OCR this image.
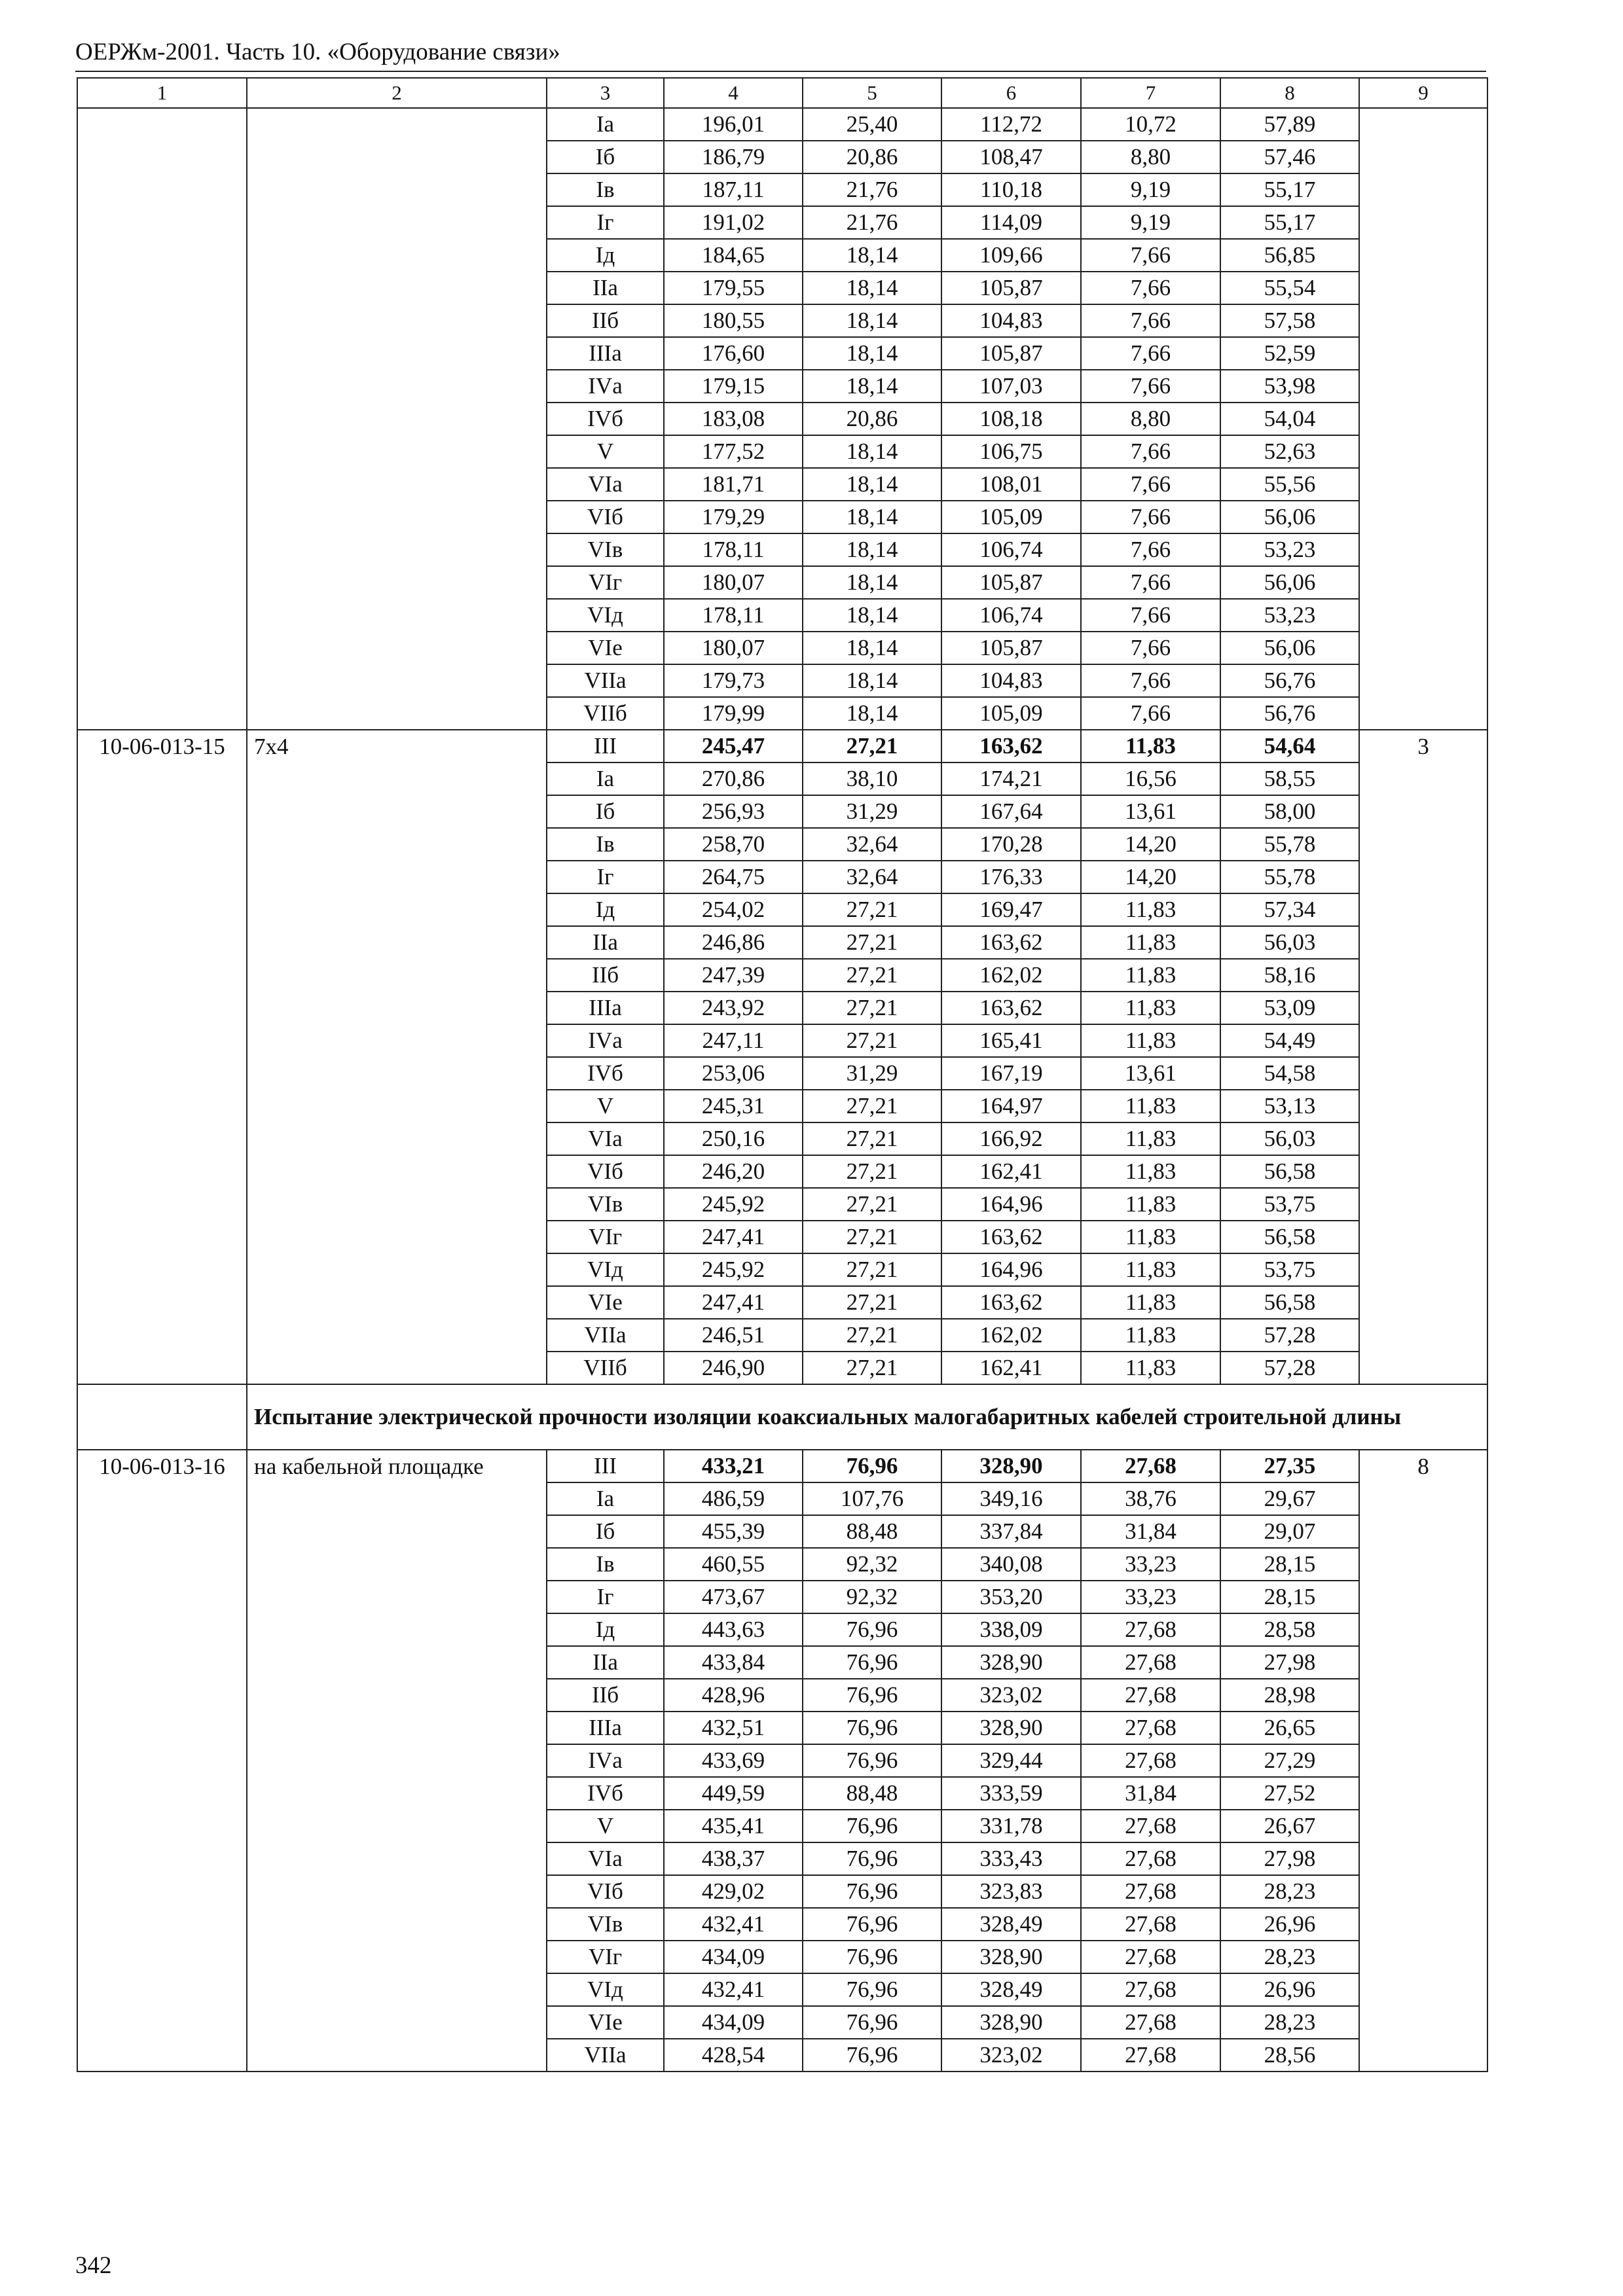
ОЕРЖм-2001. Часть 10. «Оборудование связи»
1	2	3	4	5	6	7	8	9
		Iа	196,01	25,40	112,72	10,72	57,89	
		Iб	186,79	20,86	108,47	8,80	57,46	
		Iв	187,11	21,76	110,18	9,19	55,17	
		Iг	191,02	21,76	114,09	9,19	55,17	
		Iд	184,65	18,14	109,66	7,66	56,85	
		IIа	179,55	18,14	105,87	7,66	55,54	
		IIб	180,55	18,14	104,83	7,66	57,58	
		IIIа	176,60	18,14	105,87	7,66	52,59	
		IVа	179,15	18,14	107,03	7,66	53,98	
		IVб	183,08	20,86	108,18	8,80	54,04	
		V	177,52	18,14	106,75	7,66	52,63	
		VIа	181,71	18,14	108,01	7,66	55,56	
		VIб	179,29	18,14	105,09	7,66	56,06	
		VIв	178,11	18,14	106,74	7,66	53,23	
		VIг	180,07	18,14	105,87	7,66	56,06	
		VIд	178,11	18,14	106,74	7,66	53,23	
		VIе	180,07	18,14	105,87	7,66	56,06	
		VIIа	179,73	18,14	104,83	7,66	56,76	
		VIIб	179,99	18,14	105,09	7,66	56,76	
10-06-013-15	7х4	III	245,47	27,21	163,62	11,83	54,64	3
		Iа	270,86	38,10	174,21	16,56	58,55	
		Iб	256,93	31,29	167,64	13,61	58,00	
		Iв	258,70	32,64	170,28	14,20	55,78	
		Iг	264,75	32,64	176,33	14,20	55,78	
		Iд	254,02	27,21	169,47	11,83	57,34	
		IIа	246,86	27,21	163,62	11,83	56,03	
		IIб	247,39	27,21	162,02	11,83	58,16	
		IIIа	243,92	27,21	163,62	11,83	53,09	
		IVа	247,11	27,21	165,41	11,83	54,49	
		IVб	253,06	31,29	167,19	13,61	54,58	
		V	245,31	27,21	164,97	11,83	53,13	
		VIа	250,16	27,21	166,92	11,83	56,03	
		VIб	246,20	27,21	162,41	11,83	56,58	
		VIв	245,92	27,21	164,96	11,83	53,75	
		VIг	247,41	27,21	163,62	11,83	56,58	
		VIд	245,92	27,21	164,96	11,83	53,75	
		VIе	247,41	27,21	163,62	11,83	56,58	
		VIIа	246,51	27,21	162,02	11,83	57,28	
		VIIб	246,90	27,21	162,41	11,83	57,28	
	Испытание электрической прочности изоляции коаксиальных малогабаритных кабелей строительной длины							
10-06-013-16	на кабельной площадке	III	433,21	76,96	328,90	27,68	27,35	8
		Iа	486,59	107,76	349,16	38,76	29,67	
		Iб	455,39	88,48	337,84	31,84	29,07	
		Iв	460,55	92,32	340,08	33,23	28,15	
		Iг	473,67	92,32	353,20	33,23	28,15	
		Iд	443,63	76,96	338,09	27,68	28,58	
		IIа	433,84	76,96	328,90	27,68	27,98	
		IIб	428,96	76,96	323,02	27,68	28,98	
		IIIа	432,51	76,96	328,90	27,68	26,65	
		IVа	433,69	76,96	329,44	27,68	27,29	
		IVб	449,59	88,48	333,59	31,84	27,52	
		V	435,41	76,96	331,78	27,68	26,67	
		VIа	438,37	76,96	333,43	27,68	27,98	
		VIб	429,02	76,96	323,83	27,68	28,23	
		VIв	432,41	76,96	328,49	27,68	26,96	
		VIг	434,09	76,96	328,90	27,68	28,23	
		VIд	432,41	76,96	328,49	27,68	26,96	
		VIе	434,09	76,96	328,90	27,68	28,23	
		VIIа	428,54	76,96	323,02	27,68	28,56	
342
